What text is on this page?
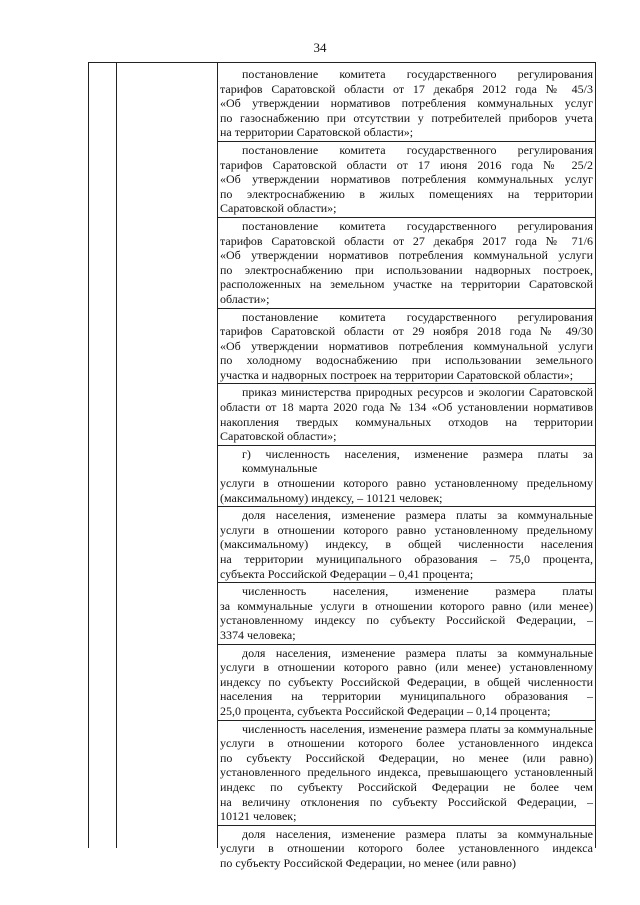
34
постановление комитета государственного регулирования
тарифов Саратовской области от 17 декабря 2012 года № 45/3
«Об утверждении нормативов потребления коммунальных услуг
по газоснабжению при отсутствии у потребителей приборов учета
на территории Саратовской области»;
постановление комитета государственного регулирования
тарифов Саратовской области от 17 июня 2016 года № 25/2
«Об утверждении нормативов потребления коммунальных услуг
по электроснабжению в жилых помещениях на территории
Саратовской области»;
постановление комитета государственного регулирования
тарифов Саратовской области от 27 декабря 2017 года № 71/6
«Об утверждении нормативов потребления коммунальной услуги
по электроснабжению при использовании надворных построек,
расположенных на земельном участке на территории Саратовской
области»;
постановление комитета государственного регулирования
тарифов Саратовской области от 29 ноября 2018 года № 49/30
«Об утверждении нормативов потребления коммунальной услуги
по холодному водоснабжению при использовании земельного
участка и надворных построек на территории Саратовской области»;
приказ министерства природных ресурсов и экологии Саратовской
области от 18 марта 2020 года № 134 «Об установлении нормативов
накопления твердых коммунальных отходов на территории
Саратовской области»;
г) численность населения, изменение размера платы за коммунальные
услуги в отношении которого равно установленному предельному
(максимальному) индексу, – 10121 человек;
доля населения, изменение размера платы за коммунальные
услуги в отношении которого равно установленному предельному
(максимальному) индексу, в общей численности населения
на территории муниципального образования – 75,0 процента,
субъекта Российской Федерации – 0,41 процента;
численность населения, изменение размера платы
за коммунальные услуги в отношении которого равно (или менее)
установленному индексу по субъекту Российской Федерации, –
3374 человека;
доля населения, изменение размера платы за коммунальные
услуги в отношении которого равно (или менее) установленному
индексу по субъекту Российской Федерации, в общей численности
населения на территории муниципального образования –
25,0 процента, субъекта Российской Федерации – 0,14 процента;
численность населения, изменение размера платы за коммунальные
услуги в отношении которого более установленного индекса
по субъекту Российской Федерации, но менее (или равно)
установленного предельного индекса, превышающего установленный
индекс по субъекту Российской Федерации не более чем
на величину отклонения по субъекту Российской Федерации, –
10121 человек;
доля населения, изменение размера платы за коммунальные
услуги в отношении которого более установленного индекса
по субъекту Российской Федерации, но менее (или равно)
